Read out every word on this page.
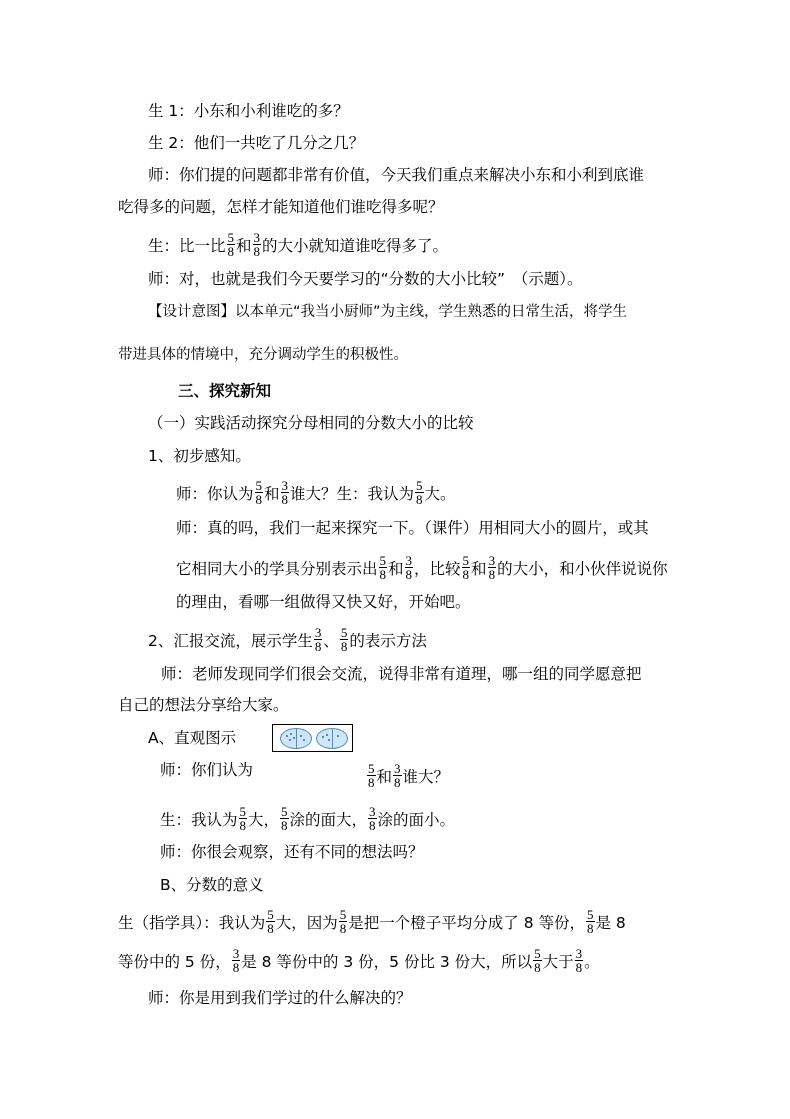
生 1：小东和小利谁吃的多？
生 2：他们一共吃了几分之几？
师：你们提的问题都非常有价值，今天我们重点来解决小东和小利到底谁
吃得多的问题，怎样才能知道他们谁吃得多呢？
生：比一比 $\frac{5}{8}$ 和 $\frac{3}{8}$ 的大小就知道谁吃得多了。
师：对，也就是我们今天要学习的“分数的大小比较”　（示题）。
【设计意图】以本单元“我当小厨师”为主线，学生熟悉的日常生活，将学生
带进具体的情境中，充分调动学生的积极性。
三、探究新知
（一）实践活动探究分母相同的分数大小的比较
1、初步感知。
师：你认为 $\frac{5}{8}$ 和 $\frac{3}{8}$ 谁大？生：我认为 $\frac{5}{8}$ 大。
师：真的吗，我们一起来探究一下。（课件）用相同大小的圆片，或其
它相同大小的学具分别表示出 $\frac{5}{8}$ 和 $\frac{3}{8}$ ，比较 $\frac{5}{8}$ 和 $\frac{3}{8}$ 的大小，和小伙伴说说你
的理由，看哪一组做得又快又好，开始吧。
2、汇报交流，展示学生 $\frac{3}{8}$ 、 $\frac{5}{8}$ 的表示方法
师：老师发现同学们很会交流，说得非常有道理，哪一组的同学愿意把
自己的想法分享给大家。
A、直观图示
师：你们认为	$\frac{5}{8}$ 和 $\frac{3}{8}$ 谁大？
生：我认为 $\frac{5}{8}$ 大， $\frac{5}{8}$ 涂的面大， $\frac{3}{8}$ 涂的面小。
师：你很会观察，还有不同的想法吗？
B、分数的意义
生（指学具）：我认为 $\frac{5}{8}$ 大，因为 $\frac{5}{8}$ 是把一个橙子平均分成了 8 等份， $\frac{5}{8}$ 是 8
等份中的 5 份， $\frac{3}{8}$ 是 8 等份中的 3 份，5 份比 3 份大，所以 $\frac{5}{8}$ 大于 $\frac{3}{8}$ 。
师：你是用到我们学过的什么解决的？
